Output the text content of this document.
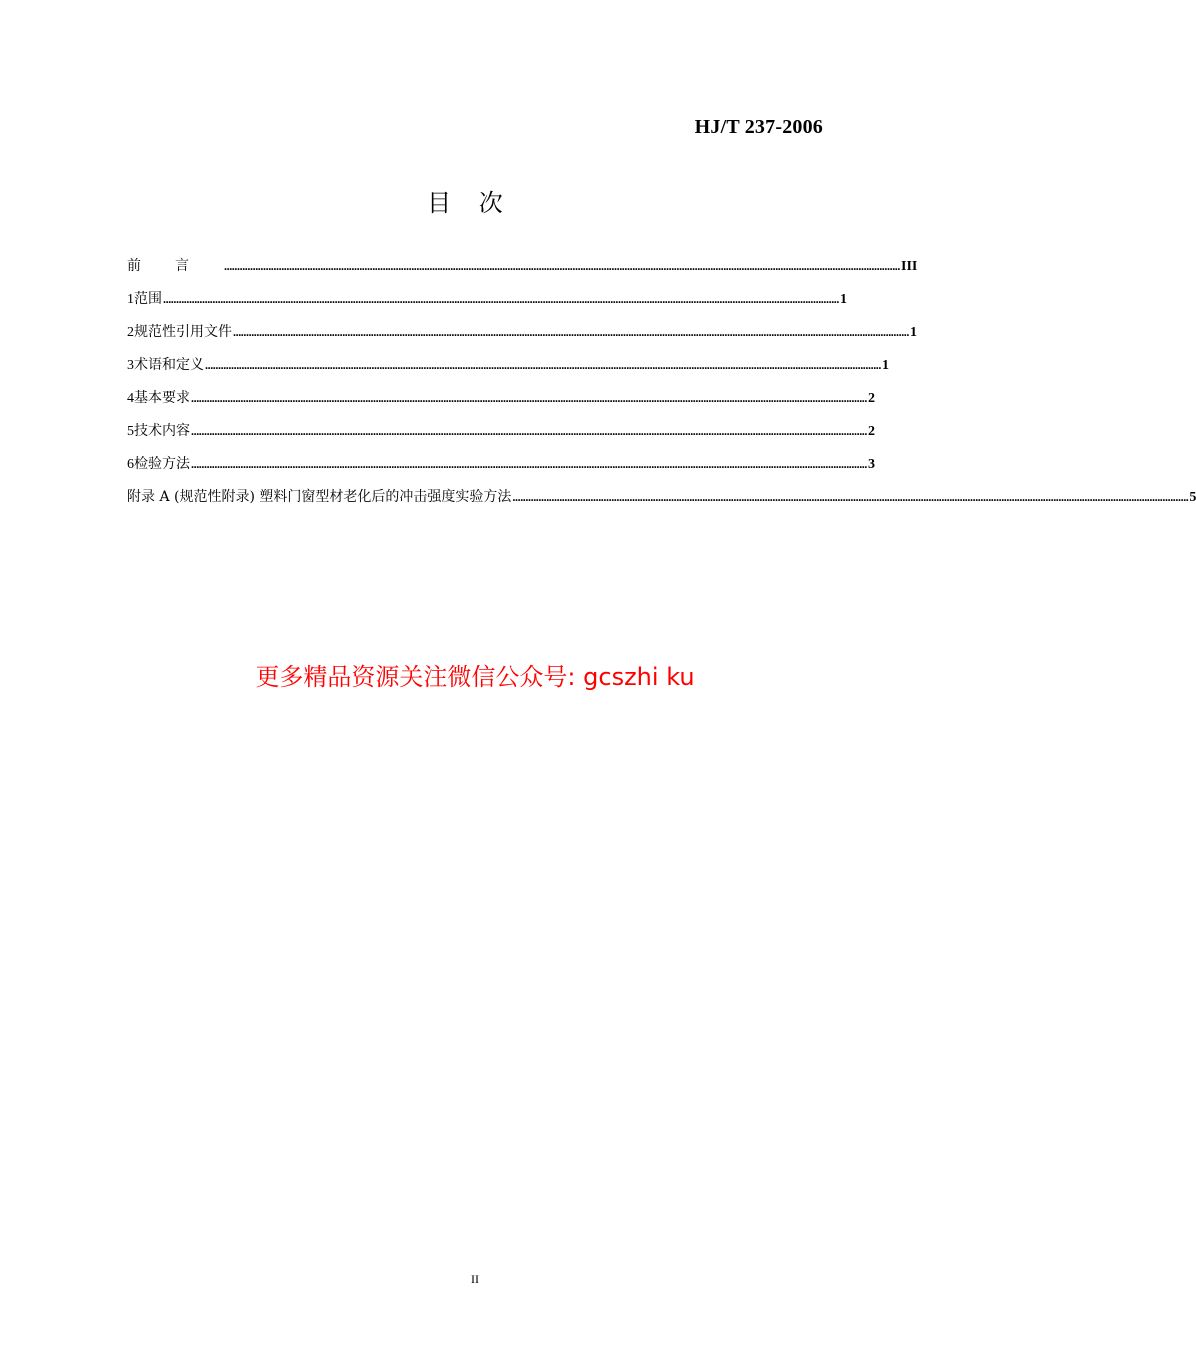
HJ/T 237-2006
目 次
前言 .................................................................................................................................................................................................................................................................... III
1 范围 .................................................................................................................................................................................................................................................................... 1
2 规范性引用文件 .................................................................................................................................................................................................................................................................... 1
3 术语和定义 .................................................................................................................................................................................................................................................................... 1
4 基本要求 .................................................................................................................................................................................................................................................................... 2
5 技术内容 .................................................................................................................................................................................................................................................................... 2
6 检验方法 .................................................................................................................................................................................................................................................................... 3
附录 A (规范性附录) 塑料门窗型材老化后的冲击强度实验方法 .................................................................................................................................................................................................................................................................... 5
更多精品资源关注微信公众号: gcszhi ku
II
